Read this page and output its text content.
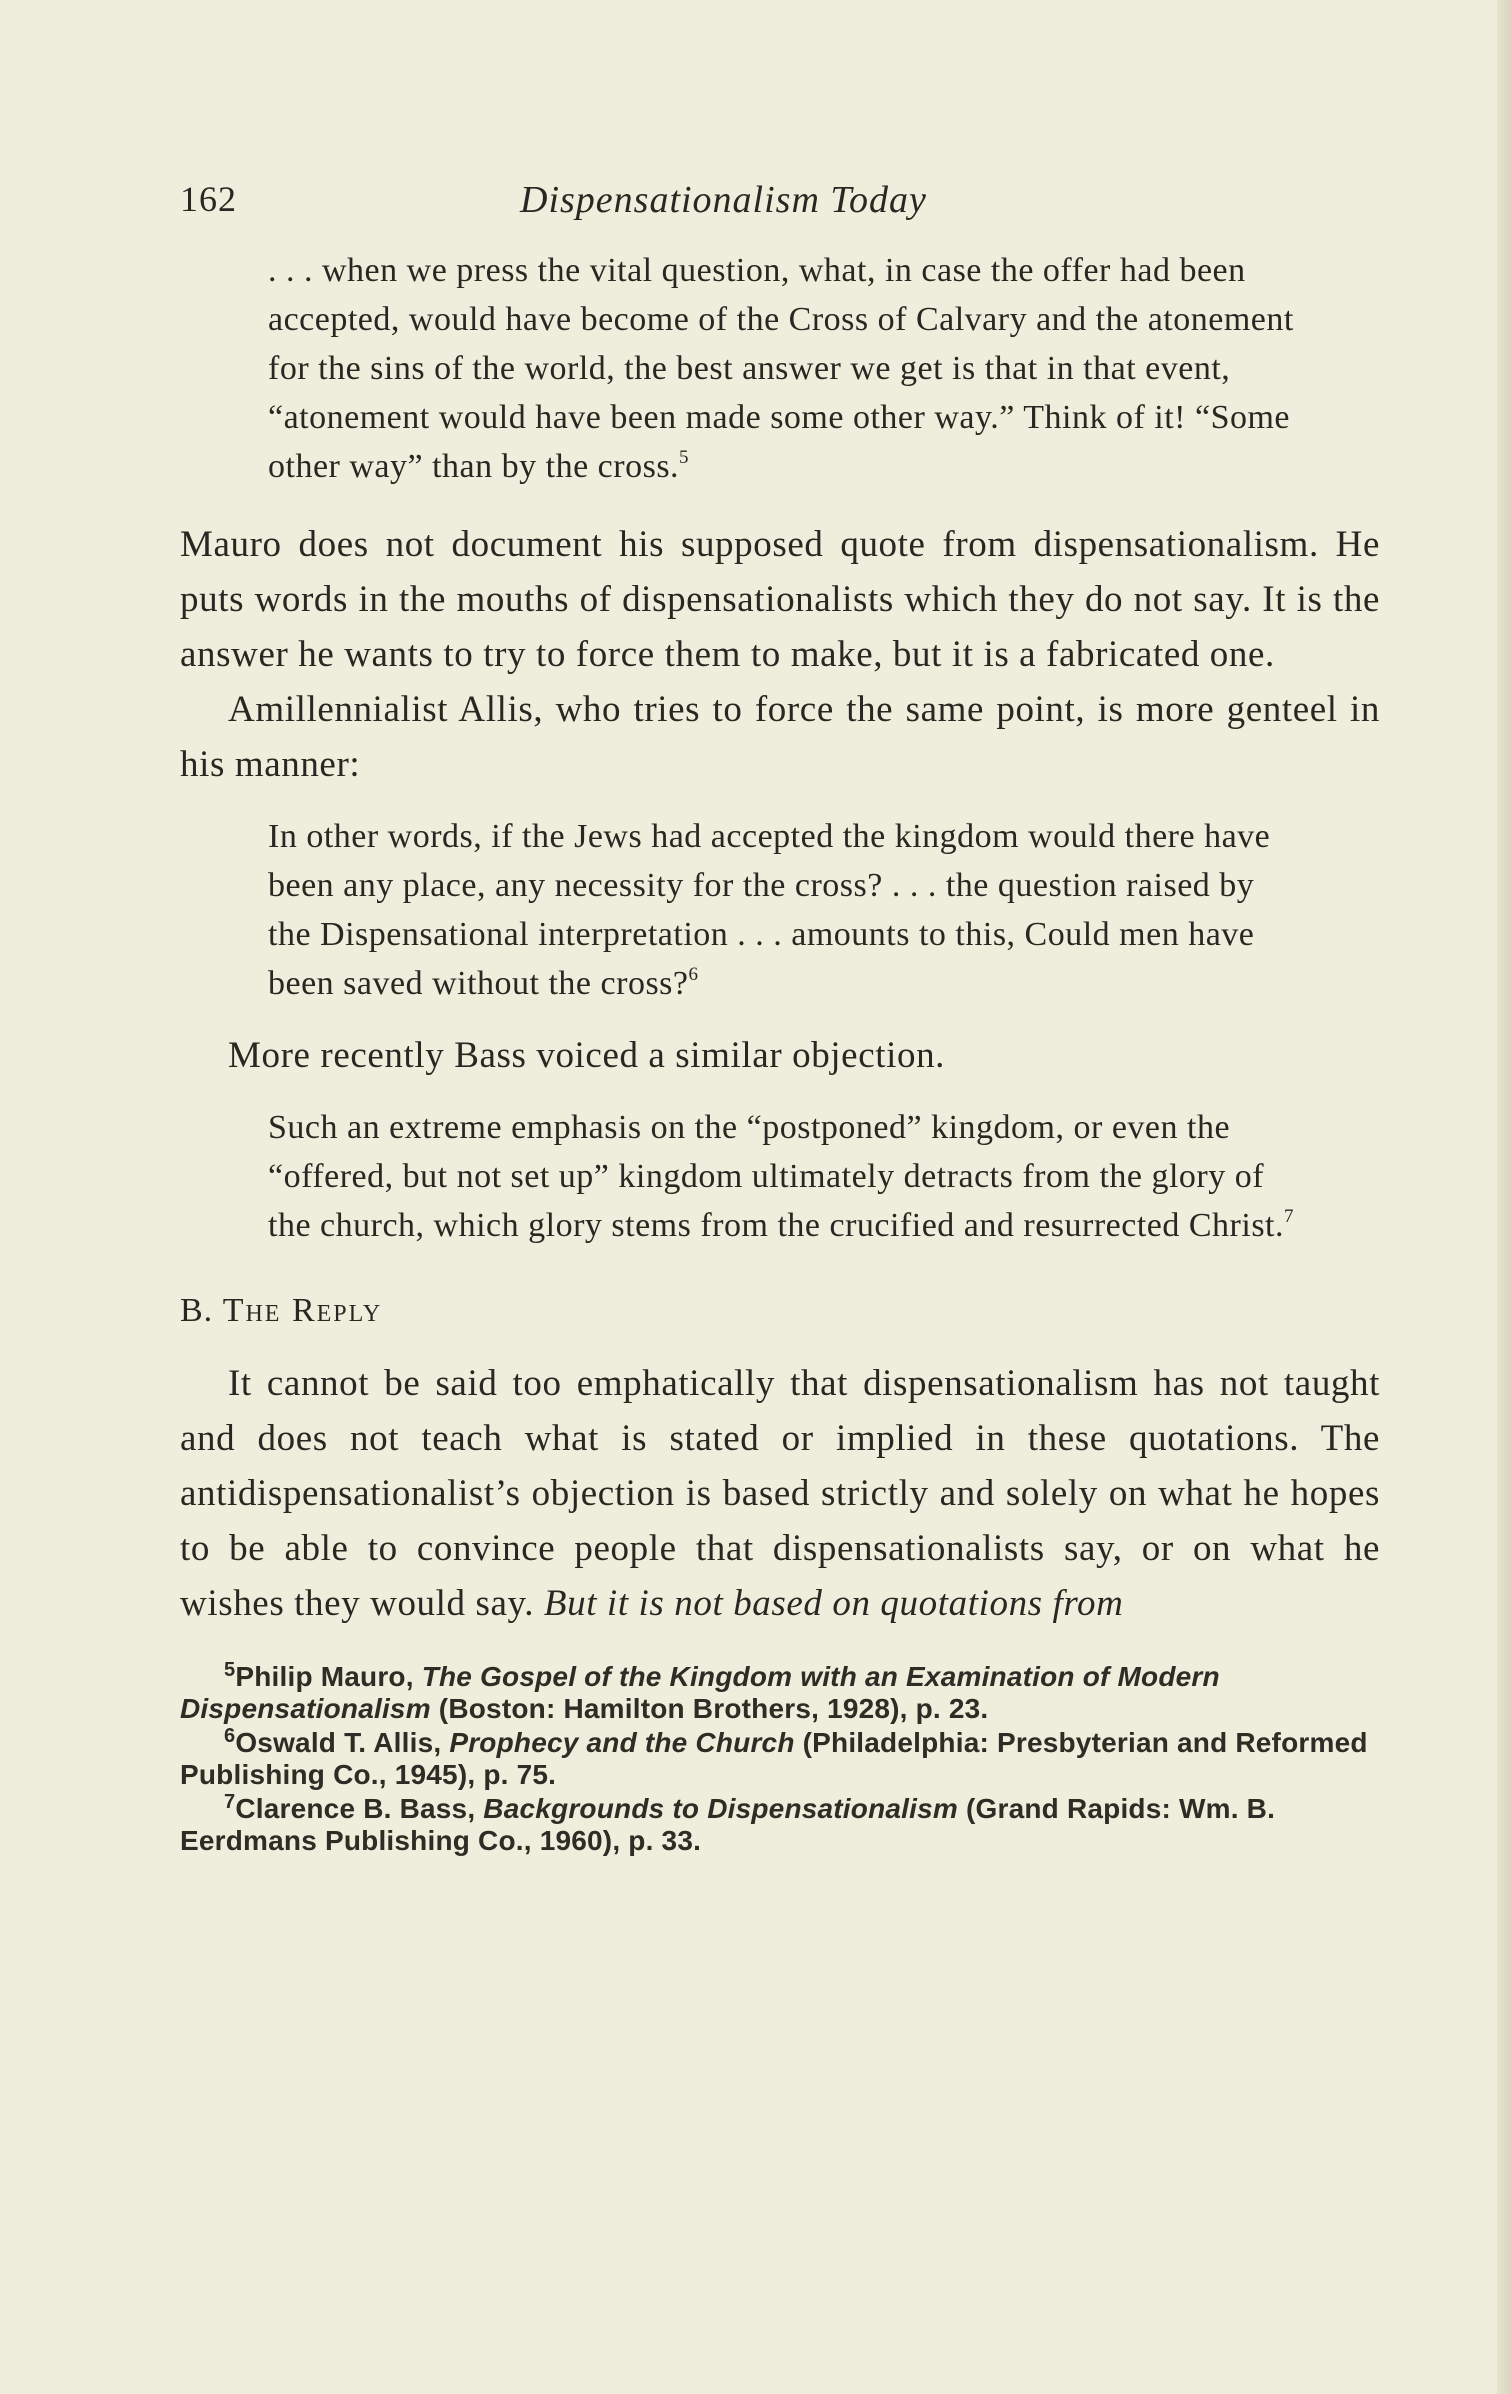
162	Dispensationalism Today

. . . when we press the vital question, what, in case the offer had been accepted, would have become of the Cross of Calvary and the atonement for the sins of the world, the best answer we get is that in that event, “atonement would have been made some other way.” Think of it! “Some other way” than by the cross.$^5$

Mauro does not document his supposed quote from dispensationalism. He puts words in the mouths of dispensationalists which they do not say. It is the answer he wants to try to force them to make, but it is a fabricated one.

Amillennialist Allis, who tries to force the same point, is more genteel in his manner:

In other words, if the Jews had accepted the kingdom would there have been any place, any necessity for the cross? . . . the question raised by the Dispensational interpretation . . . amounts to this, Could men have been saved without the cross?$^6$

More recently Bass voiced a similar objection.

Such an extreme emphasis on the “postponed” kingdom, or even the “offered, but not set up” kingdom ultimately detracts from the glory of the church, which glory stems from the crucified and resurrected Christ.$^7$

B. The Reply

It cannot be said too emphatically that dispensationalism has not taught and does not teach what is stated or implied in these quotations. The antidispensationalist’s objection is based strictly and solely on what he hopes to be able to convince people that dispensationalists say, or on what he wishes they would say. But it is not based on quotations from

$^5$Philip Mauro, The Gospel of the Kingdom with an Examination of Modern Dispensationalism (Boston: Hamilton Brothers, 1928), p. 23.

$^6$Oswald T. Allis, Prophecy and the Church (Philadelphia: Presbyterian and Reformed Publishing Co., 1945), p. 75.

$^7$Clarence B. Bass, Backgrounds to Dispensationalism (Grand Rapids: Wm. B. Eerdmans Publishing Co., 1960), p. 33.
